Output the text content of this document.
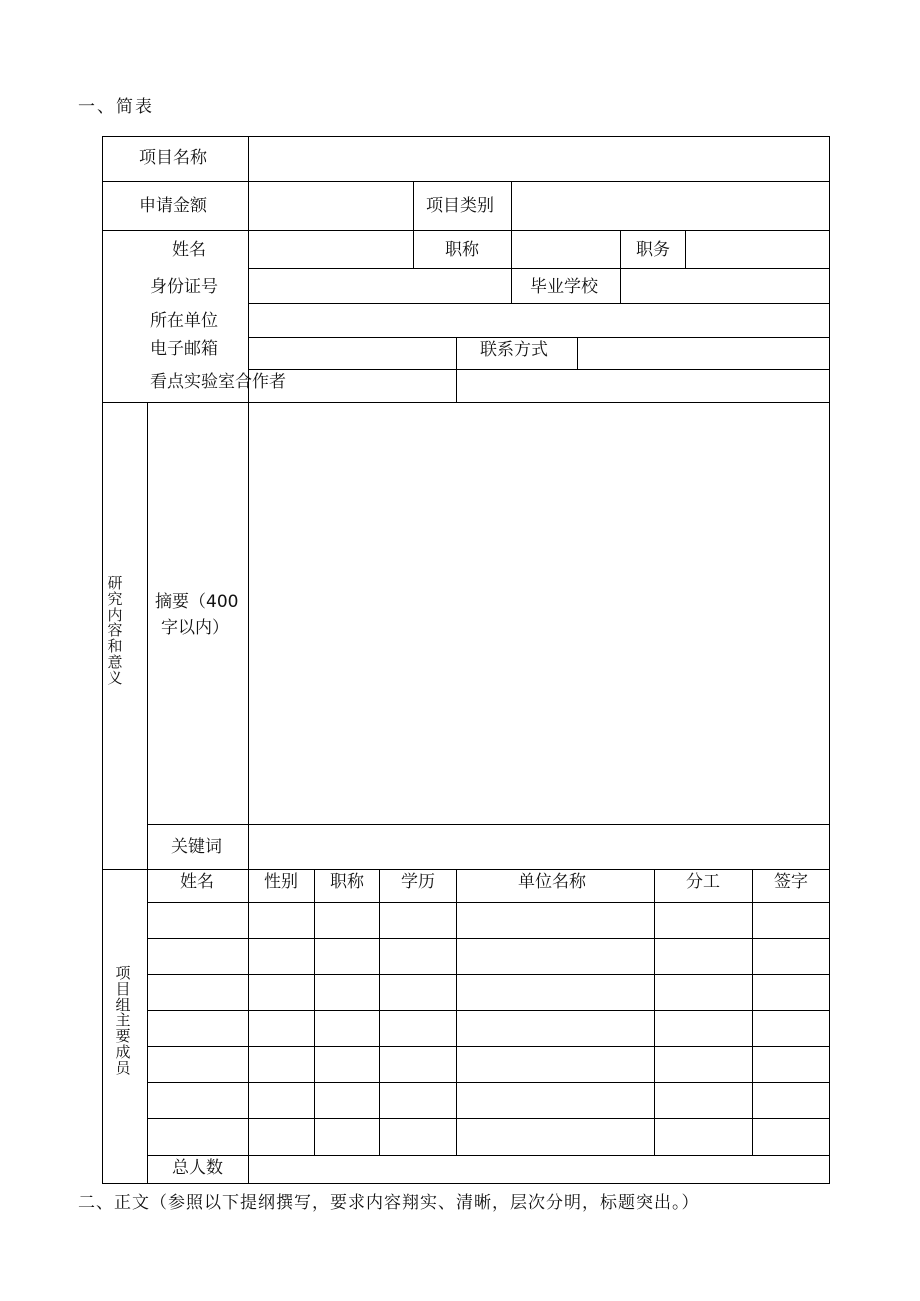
一、简表
项目名称
申请金额	项目类别
姓名	职称	职务
身份证号	毕业学校
所在单位
电子邮箱	联系方式
看点实验室合作者
研究内容和意义
摘要（400
字以内）
关键词
项目组主要成员
姓名	性别 职称 学历	单位名称	分工	签字
总人数
二、正文（参照以下提纲撰写，要求内容翔实、清晰，层次分明，标题突出。）
